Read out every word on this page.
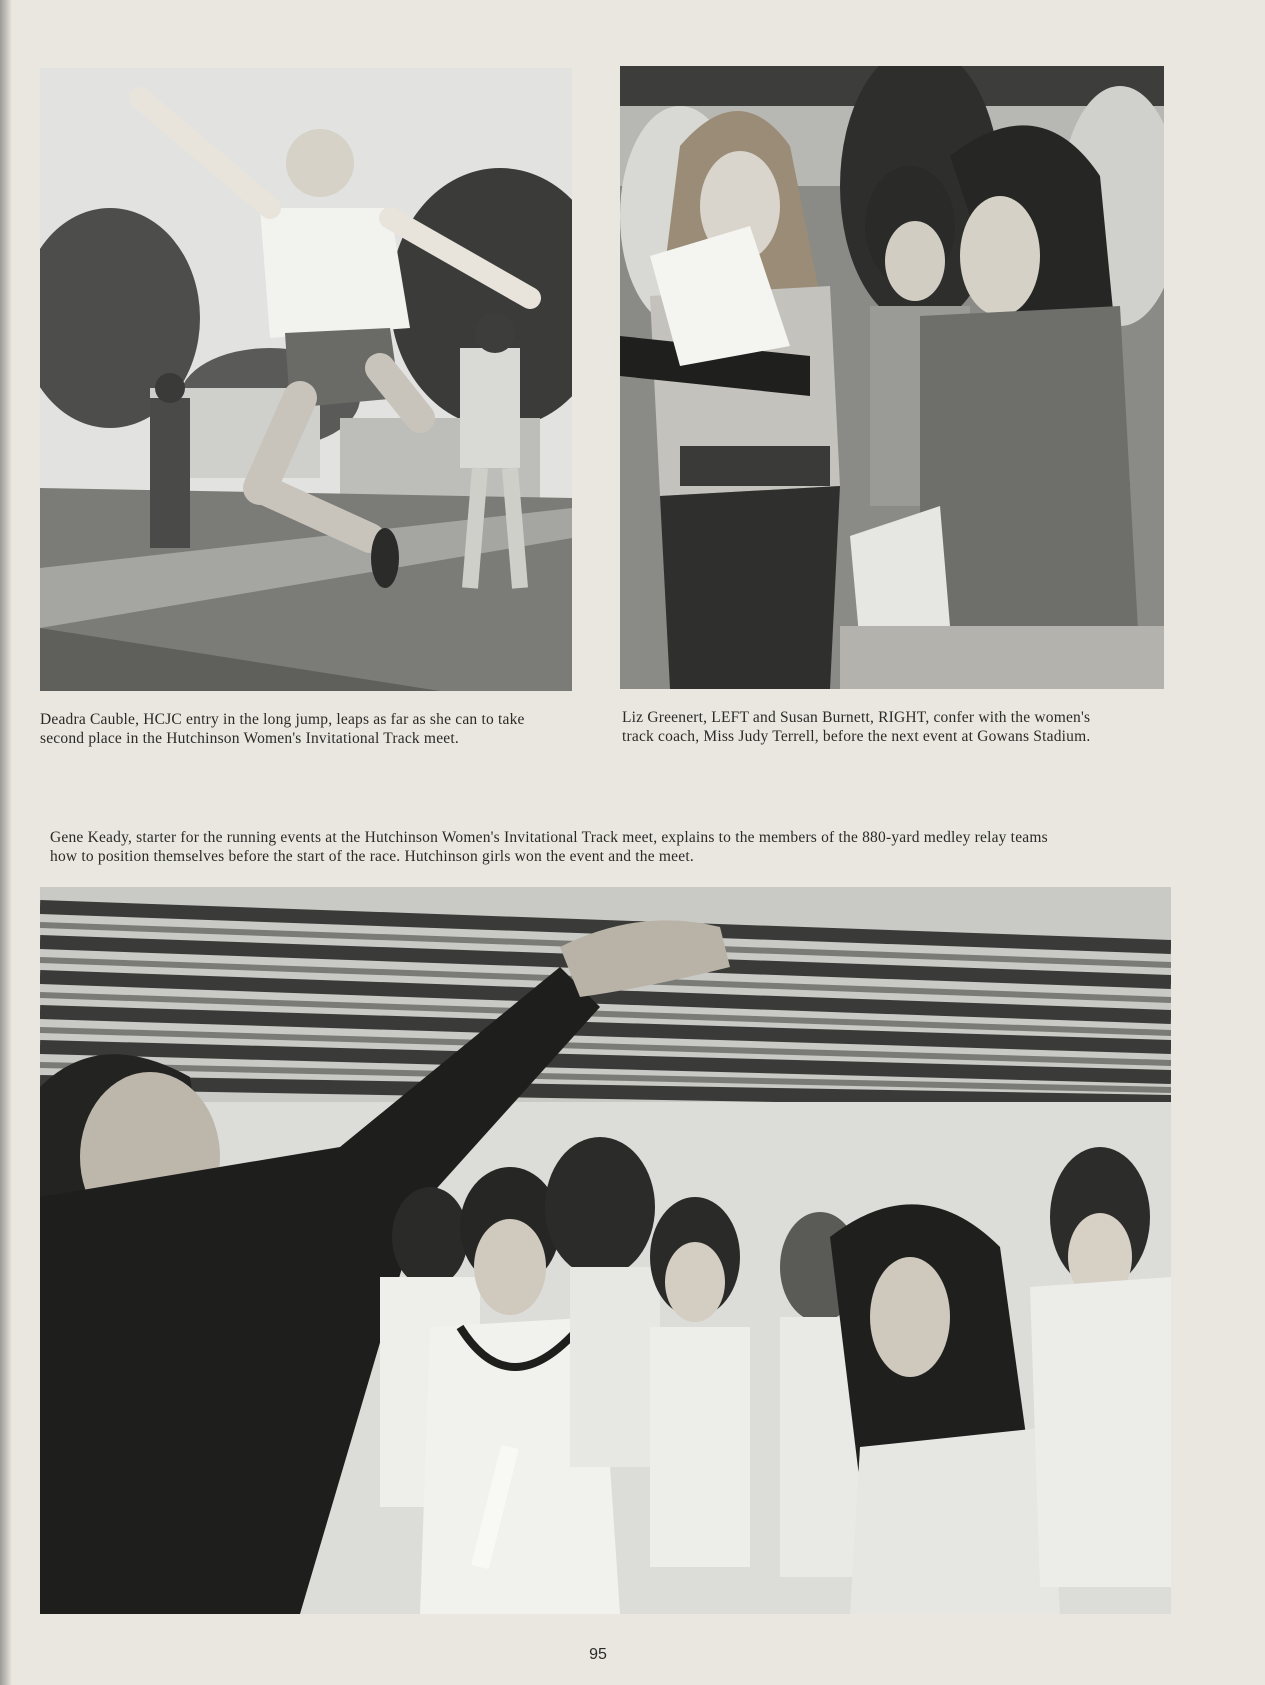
Deadra Cauble, HCJC entry in the long jump, leaps as far as she can to take
second place in the Hutchinson Women's Invitational Track meet.

Liz Greenert, LEFT and Susan Burnett, RIGHT, confer with the women's
track coach, Miss Judy Terrell, before the next event at Gowans Stadium.

Gene Keady, starter for the running events at the Hutchinson Women's Invitational Track meet, explains to the members of the 880-yard medley relay teams
how to position themselves before the start of the race. Hutchinson girls won the event and the meet.

95
